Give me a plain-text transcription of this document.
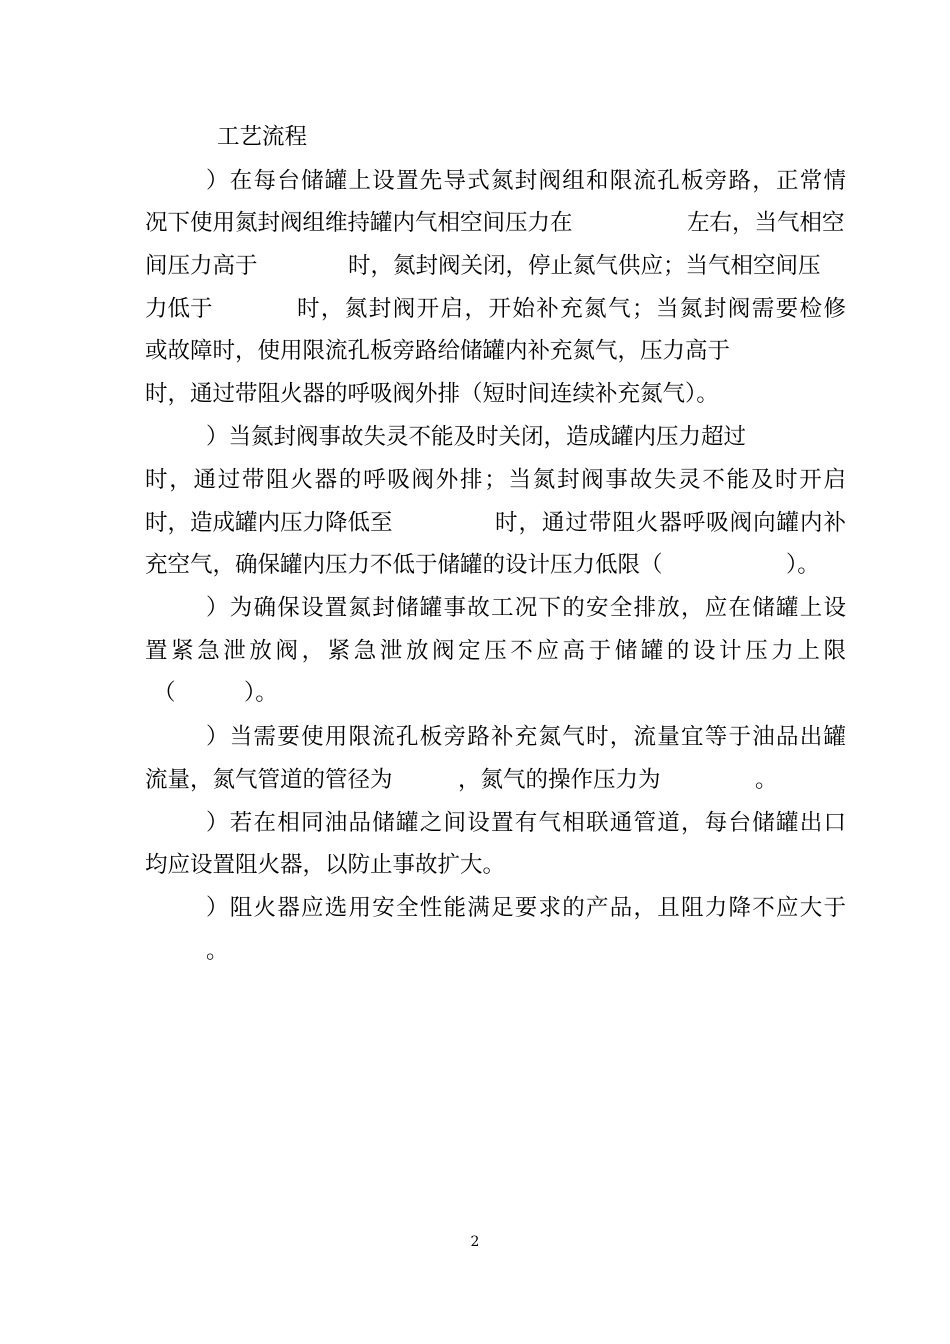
工艺流程
）在每台储罐上设置先导式氮封阀组和限流孔板旁路，正常情
况下使用氮封阀组维持罐内气相空间压力在	左右，当气相空
间压力高于	时，氮封阀关闭，停止氮气供应；当气相空间压
力低于	时，氮封阀开启，开始补充氮气；当氮封阀需要检修
或故障时，使用限流孔板旁路给储罐内补充氮气，压力高于
时，通过带阻火器的呼吸阀外排（短时间连续补充氮气）。
）当氮封阀事故失灵不能及时关闭，造成罐内压力超过
时，通过带阻火器的呼吸阀外排；当氮封阀事故失灵不能及时开启
时，造成罐内压力降低至	时，通过带阻火器呼吸阀向罐内补
充空气，确保罐内压力不低于储罐的设计压力低限（	）。
）为确保设置氮封储罐事故工况下的安全排放，应在储罐上设
置紧急泄放阀，紧急泄放阀定压不应高于储罐的设计压力上限
（	）。
）当需要使用限流孔板旁路补充氮气时，流量宜等于油品出罐
流量，氮气管道的管径为	，氮气的操作压力为	。
）若在相同油品储罐之间设置有气相联通管道，每台储罐出口
均应设置阻火器，以防止事故扩大。
）阻火器应选用安全性能满足要求的产品，且阻力降不应大于
。
2
